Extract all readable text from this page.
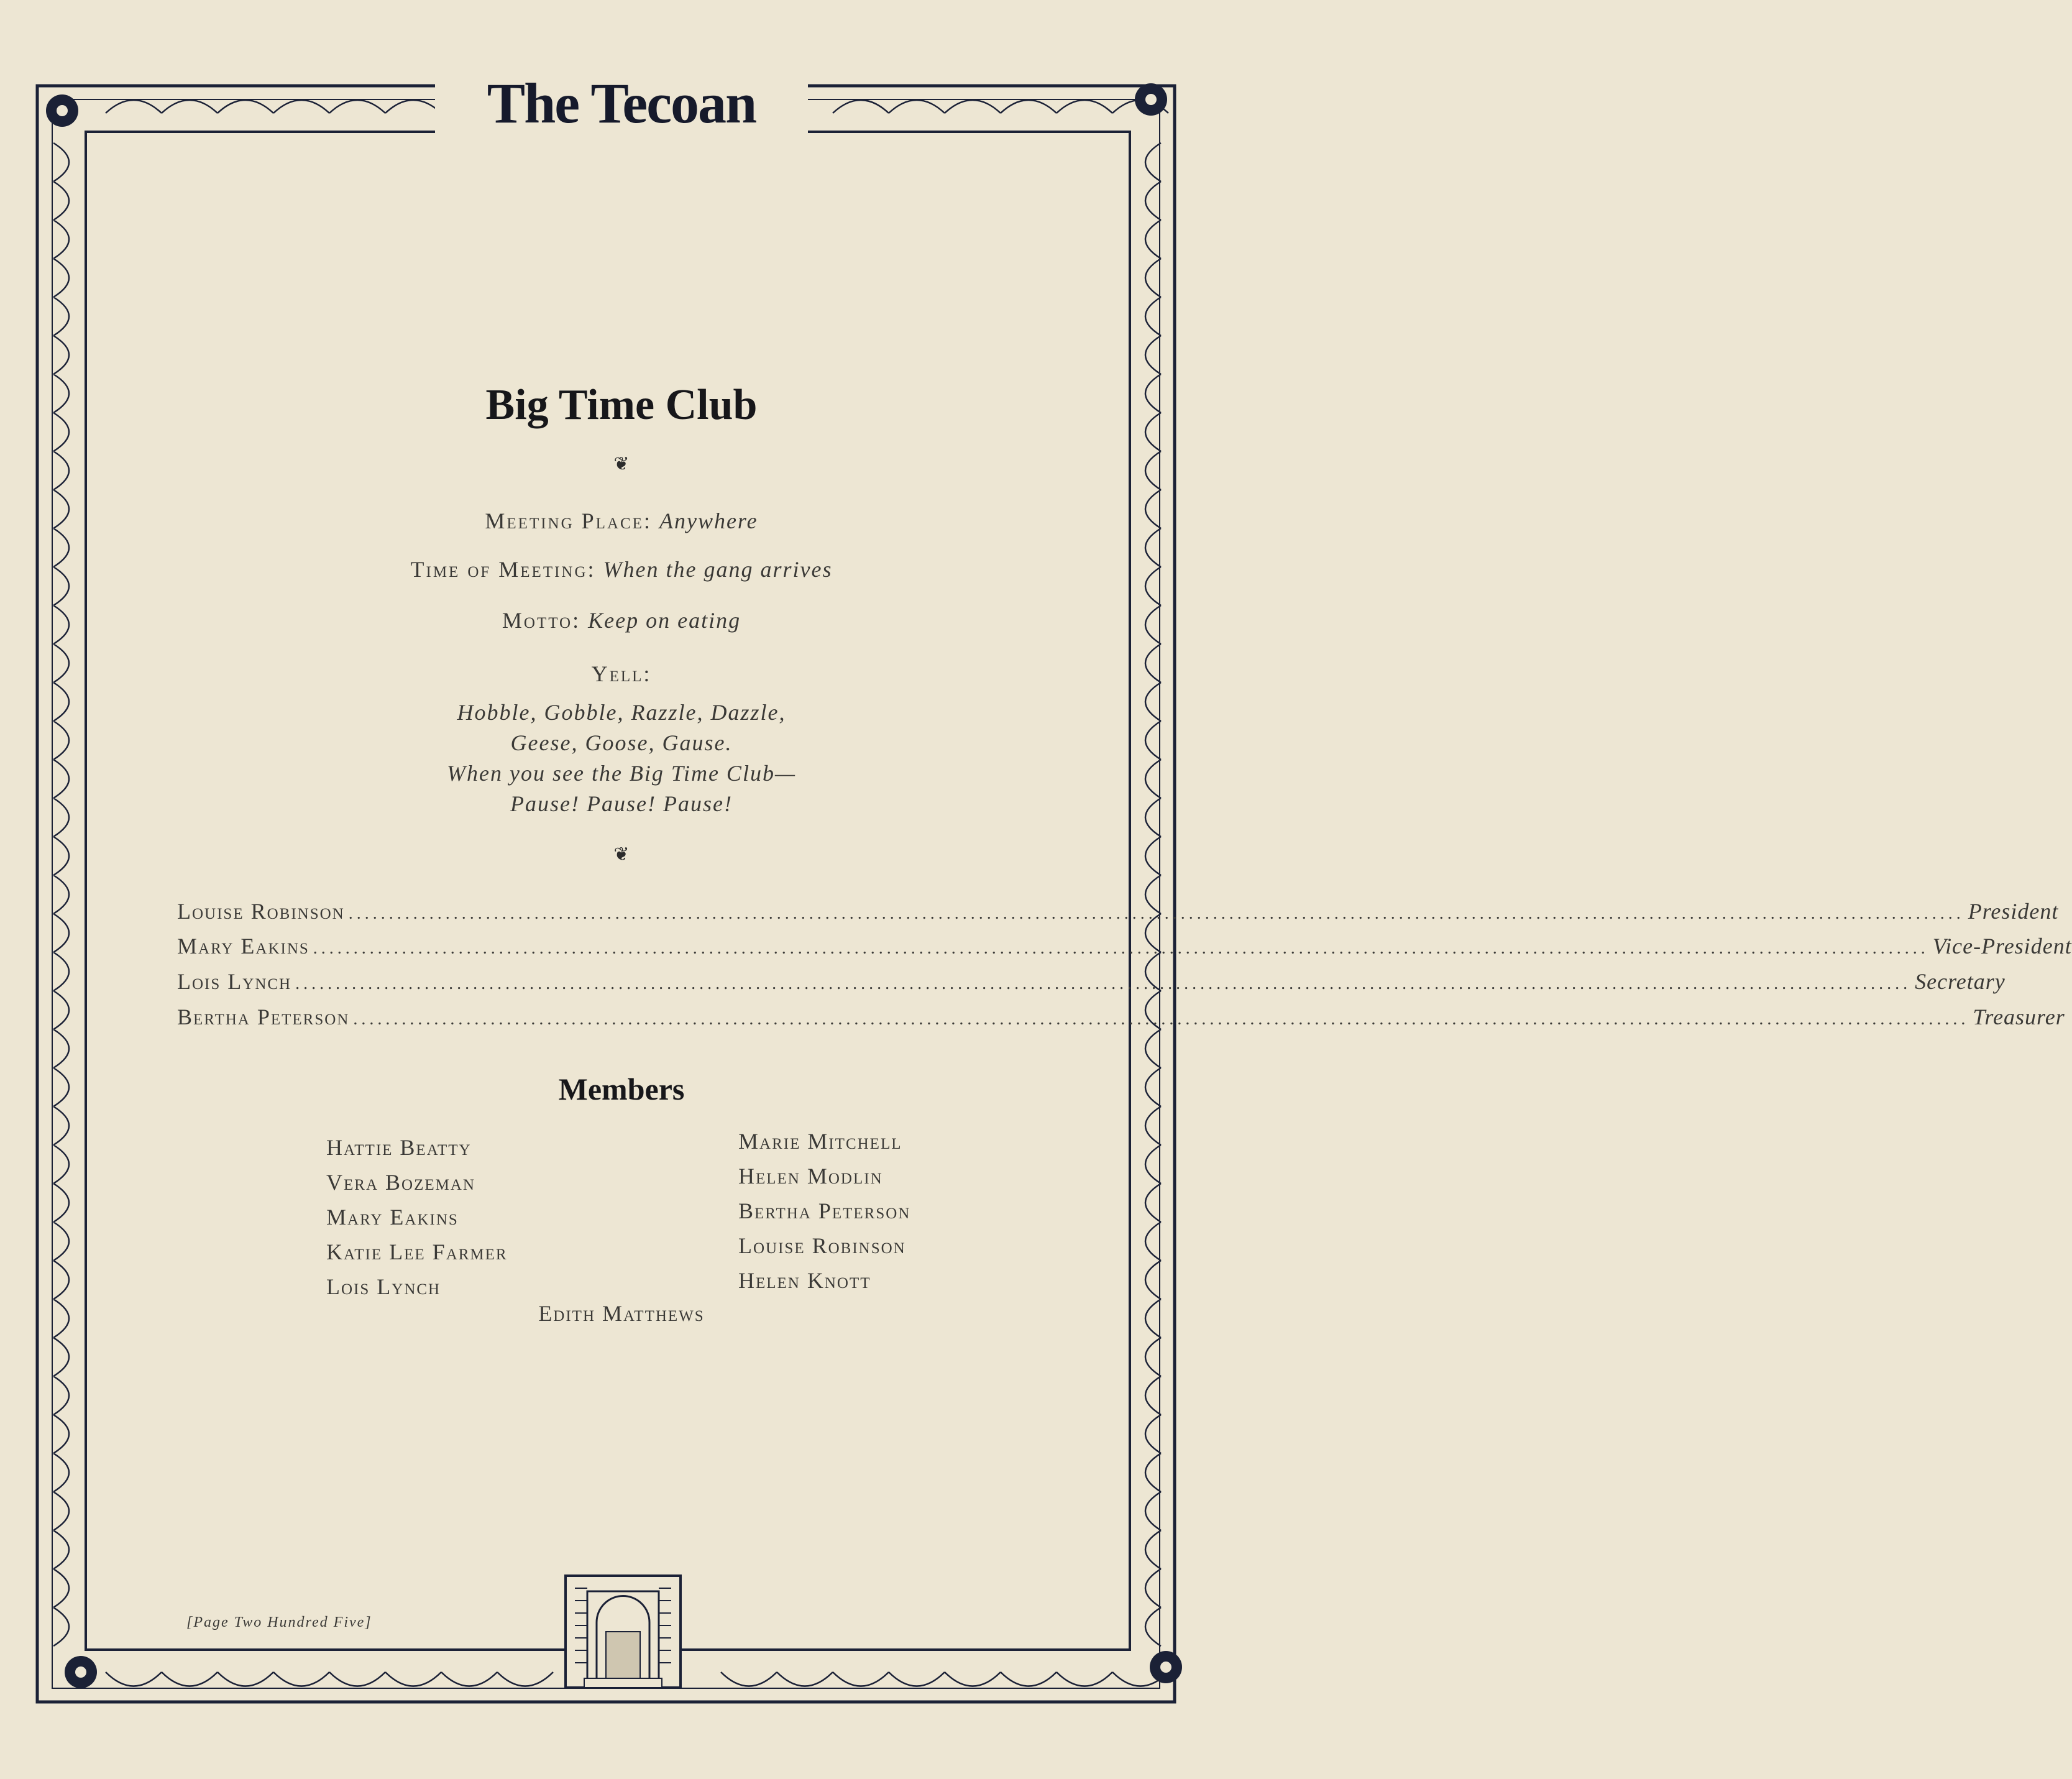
The Tecoan
Big Time Club
❦
Meeting Place: Anywhere
Time of Meeting: When the gang arrives
Motto: Keep on eating
Yell:
Hobble, Gobble, Razzle, Dazzle,
Geese, Goose, Gause.
When you see the Big Time Club—
Pause! Pause! Pause!
❦
Louise Robinson ........................................................................................................................................................................................................ President
Mary Eakins ........................................................................................................................................................................................................ Vice-President
Lois Lynch ........................................................................................................................................................................................................ Secretary
Bertha Peterson ........................................................................................................................................................................................................ Treasurer
Members
Hattie Beatty
Vera Bozeman
Mary Eakins
Katie Lee Farmer
Lois Lynch
Marie Mitchell
Helen Modlin
Bertha Peterson
Louise Robinson
Helen Knott
Edith Matthews
[Page Two Hundred Five]
